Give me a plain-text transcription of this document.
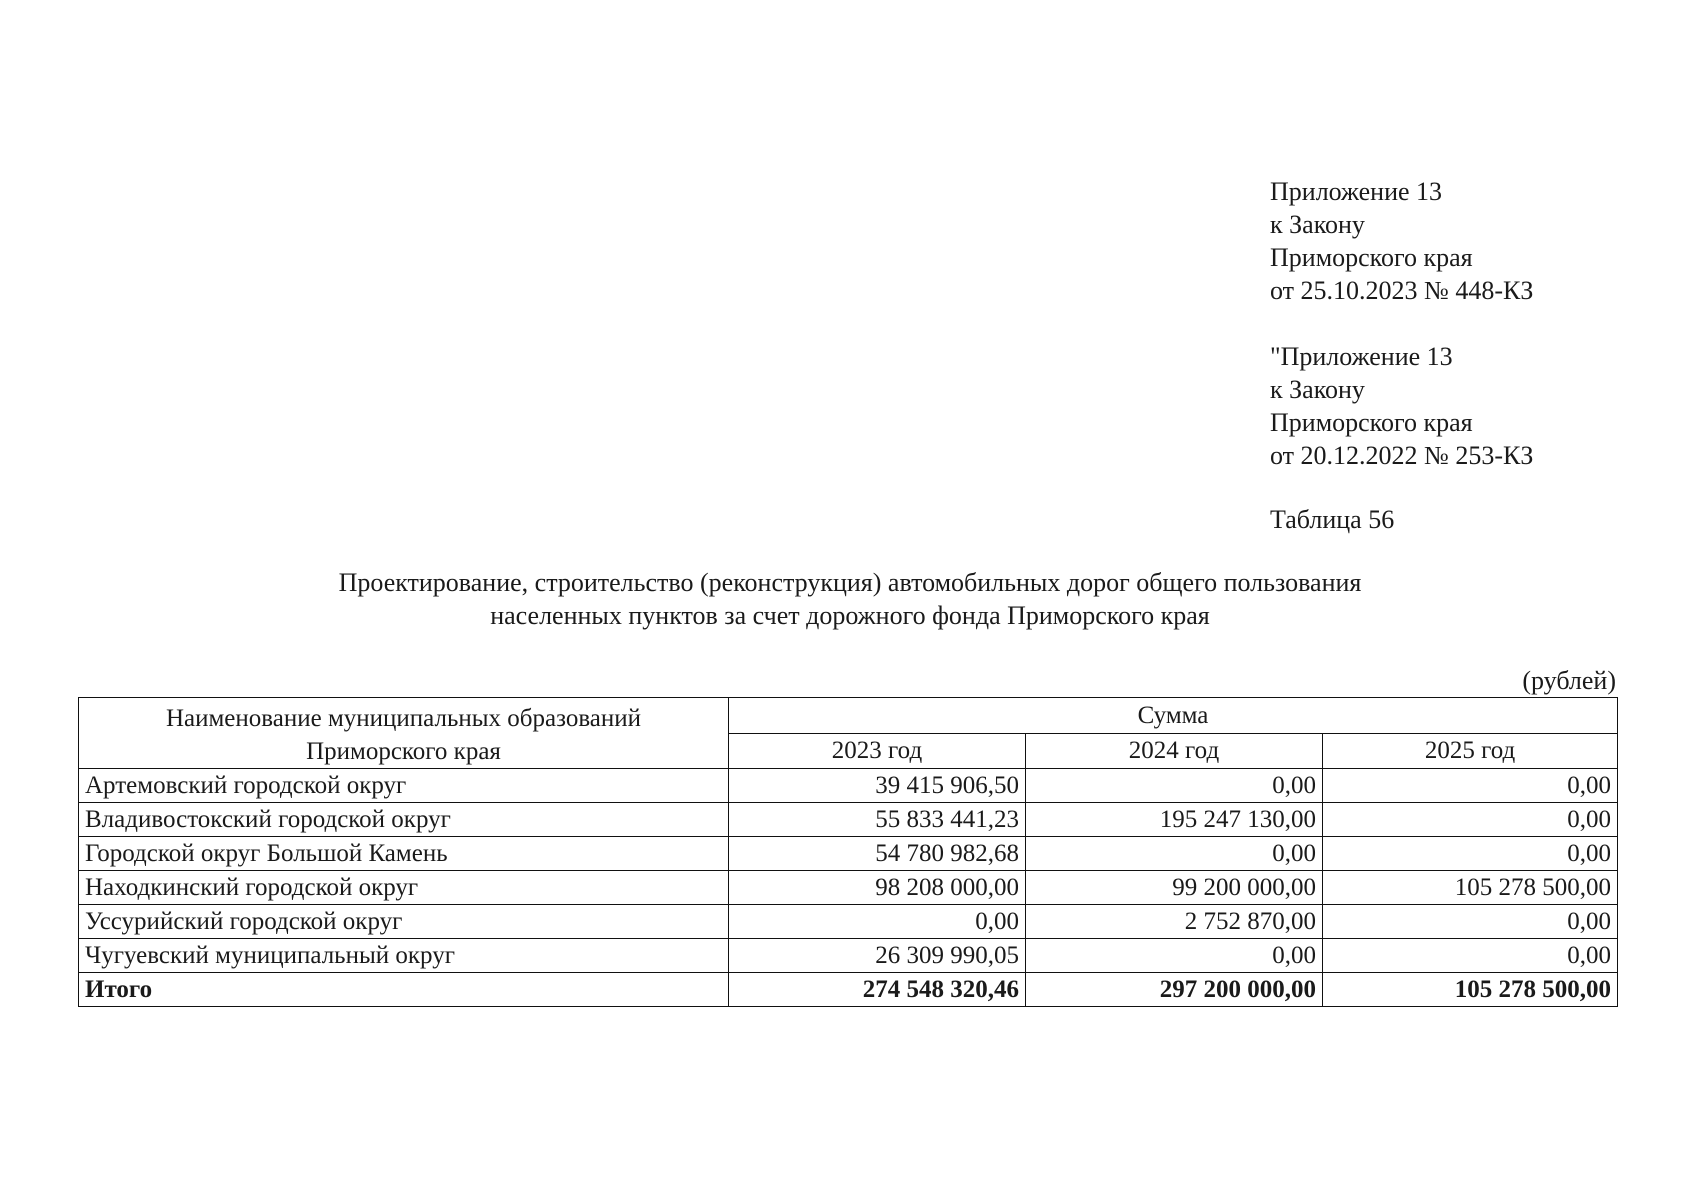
Приложение 13
к Закону
Приморского края
от 25.10.2023 № 448-КЗ
"Приложение 13
к Закону
Приморского края
от 20.12.2022 № 253-КЗ
Таблица 56
Проектирование, строительство (реконструкция) автомобильных дорог общего пользования
населенных пунктов за счет дорожного фонда Приморского края
(рублей)
Наименование муниципальных образований
Приморского края	Сумма		
	2023 год	2024 год	2025 год
Артемовский городской округ	39 415 906,50	0,00	0,00
Владивостокский городской округ	55 833 441,23	195 247 130,00	0,00
Городской округ Большой Камень	54 780 982,68	0,00	0,00
Находкинский городской округ	98 208 000,00	99 200 000,00	105 278 500,00
Уссурийский городской округ	0,00	2 752 870,00	0,00
Чугуевский муниципальный округ	26 309 990,05	0,00	0,00
Итого	274 548 320,46	297 200 000,00	105 278 500,00
